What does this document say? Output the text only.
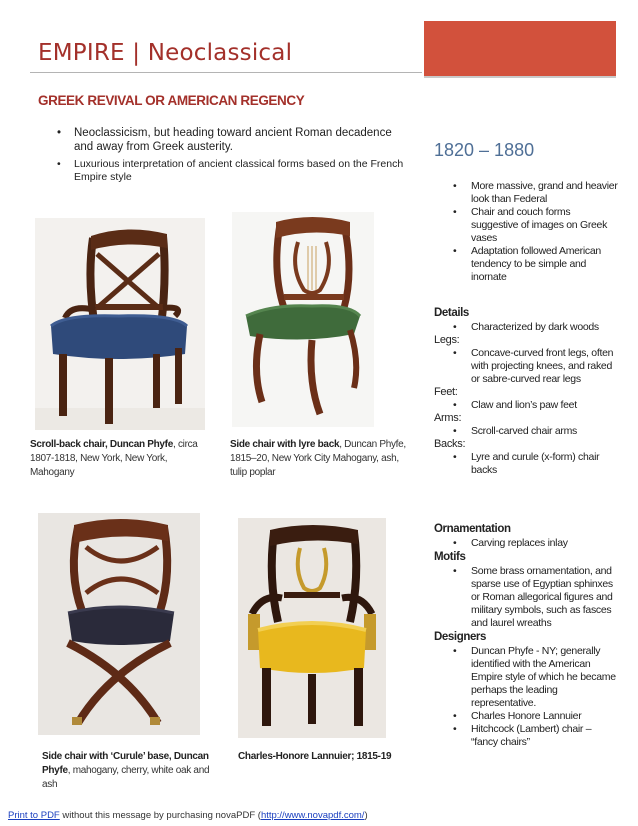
EMPIRE | Neoclassical
GREEK REVIVAL OR AMERICAN REGENCY
• Neoclassicism, but heading toward ancient Roman decadence and away from Greek austerity.
• Luxurious interpretation of ancient classical forms based on the French Empire style
Scroll-back chair, Duncan Phyfe, circa 1807-1818, New York, New York, Mahogany
Side chair with lyre back, Duncan Phyfe, 1815–20, New York City Mahogany, ash, tulip poplar
Side chair with ‘Curule’ base, Duncan Phyfe, mahogany, cherry, white oak and ash
Charles-Honore Lannuier; 1815-19
1820 – 1880
• More massive, grand and heavier look than Federal
• Chair and couch forms suggestive of images on Greek vases
• Adaptation followed American tendency to be simple and inornate
Details
• Characterized by dark woods
Legs:
• Concave-curved front legs, often with projecting knees, and raked or sabre-curved rear legs
Feet:
• Claw and lion’s paw feet
Arms:
• Scroll-carved chair arms
Backs:
• Lyre and curule (x-form) chair backs
Ornamentation
• Carving replaces inlay
Motifs
• Some brass ornamentation, and sparse use of Egyptian sphinxes or Roman allegorical figures and military symbols, such as fasces and laurel wreaths
Designers
• Duncan Phyfe - NY; generally identified with the American Empire style of which he became perhaps the leading representative.
• Charles Honore Lannuier
• Hitchcock (Lambert) chair – “fancy chairs”
Print to PDF without this message by purchasing novaPDF (http://www.novapdf.com/)
